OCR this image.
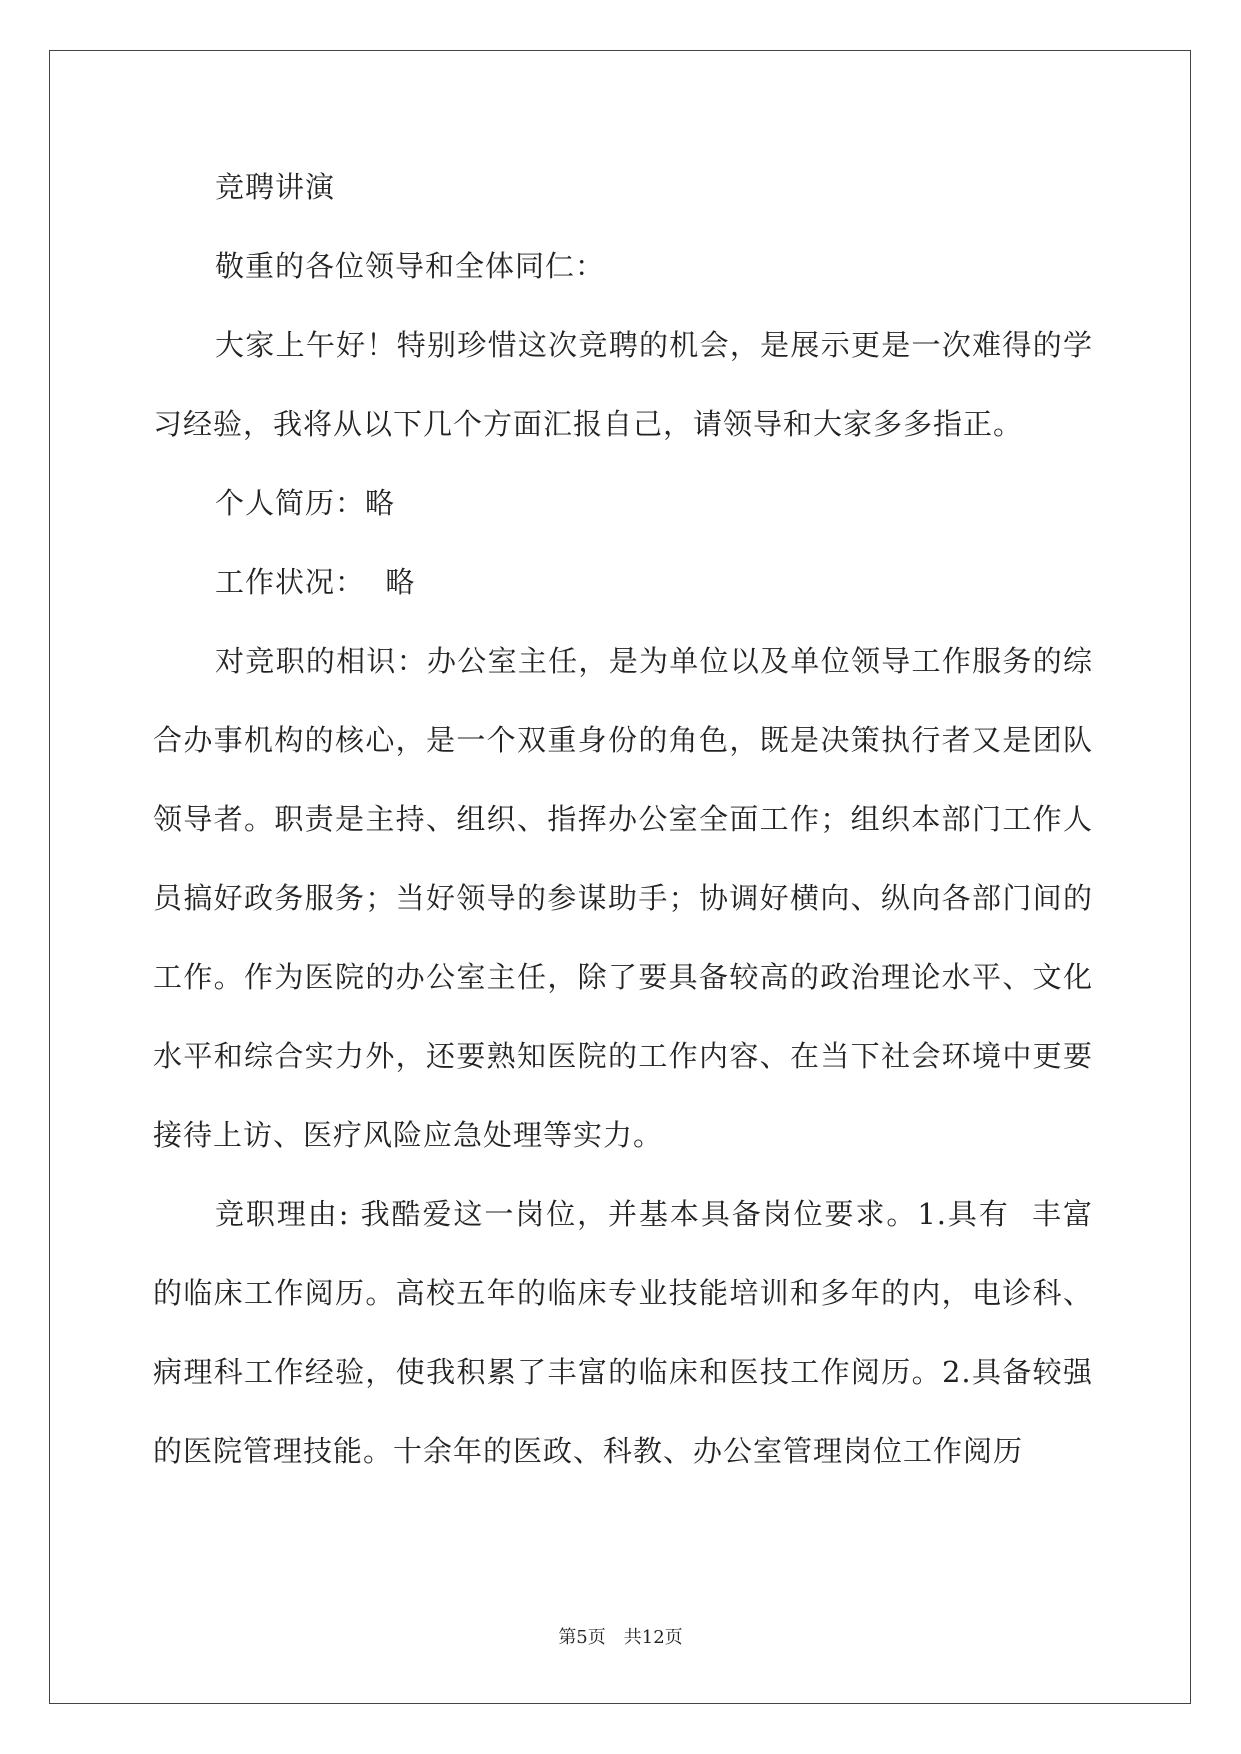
竞聘讲演

敬重的各位领导和全体同仁：

大家上午好！特别珍惜这次竞聘的机会，是展示更是一次难得的学习经验，我将从以下几个方面汇报自己，请领导和大家多多指正。

个人简历：略

工作状况：  略

对竞职的相识：办公室主任，是为单位以及单位领导工作服务的综合办事机构的核心，是一个双重身份的角色，既是决策执行者又是团队领导者。职责是主持、组织、指挥办公室全面工作；组织本部门工作人员搞好政务服务；当好领导的参谋助手；协调好横向、纵向各部门间的工作。作为医院的办公室主任，除了要具备较高的政治理论水平、文化水平和综合实力外，还要熟知医院的工作内容、在当下社会环境中更要接待上访、医疗风险应急处理等实力。

竞职理由: 我酷爱这一岗位，并基本具备岗位要求。1.具有  丰富的临床工作阅历。高校五年的临床专业技能培训和多年的内，电诊科、病理科工作经验，使我积累了丰富的临床和医技工作阅历。2.具备较强的医院管理技能。十余年的医政、科教、办公室管理岗位工作阅历

第5页 共12页
